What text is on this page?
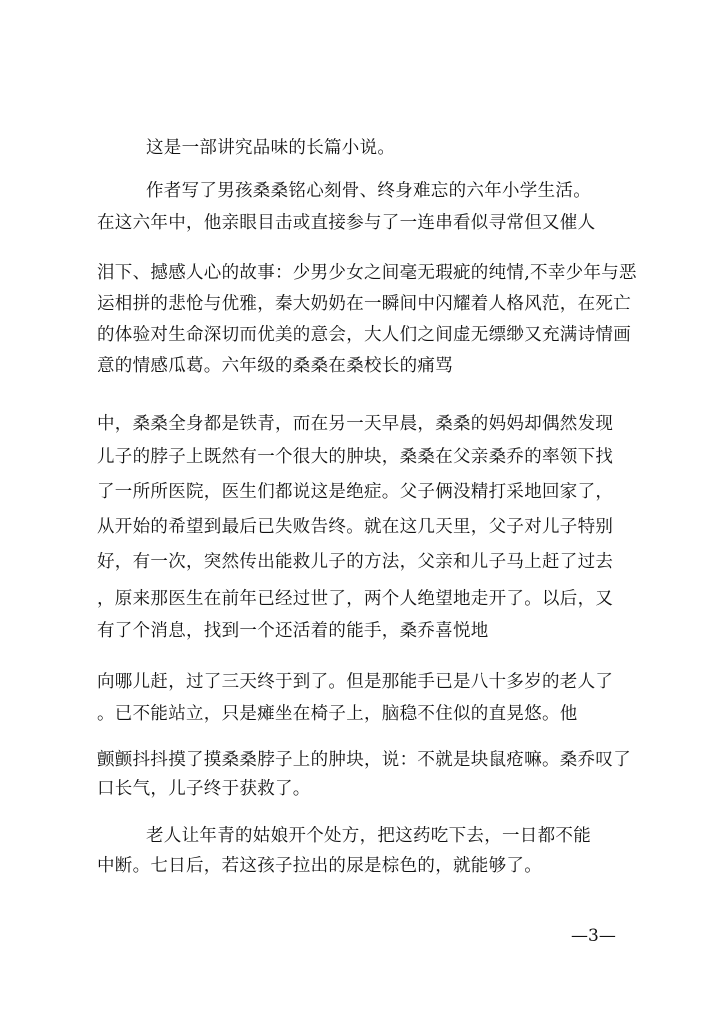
这是一部讲究品味的长篇小说。
作者写了男孩桑桑铭心刻骨、终身难忘的六年小学生活。
在这六年中，他亲眼目击或直接参与了一连串看似寻常但又催人
泪下、撼感人心的故事：少男少女之间毫无瑕疵的纯情,不幸少年与恶
运相拼的悲怆与优雅，秦大奶奶在一瞬间中闪耀着人格风范，在死亡
的体验对生命深切而优美的意会，大人们之间虚无缥缈又充满诗情画
意的情感瓜葛。六年级的桑桑在桑校长的痛骂
中，桑桑全身都是铁青，而在另一天早晨，桑桑的妈妈却偶然发现
儿子的脖子上既然有一个很大的肿块，桑桑在父亲桑乔的率领下找
了一所所医院，医生们都说这是绝症。父子俩没精打采地回家了，
从开始的希望到最后已失败告终。就在这几天里，父子对儿子特别
好，有一次，突然传出能救儿子的方法，父亲和儿子马上赶了过去
，原来那医生在前年已经过世了，两个人绝望地走开了。以后，又
有了个消息，找到一个还活着的能手，桑乔喜悦地
向哪儿赶，过了三天终于到了。但是那能手已是八十多岁的老人了
。已不能站立，只是瘫坐在椅子上，脑稳不住似的直晃悠。他
颤颤抖抖摸了摸桑桑脖子上的肿块，说：不就是块鼠疮嘛。桑乔叹了
口长气，儿子终于获救了。
老人让年青的姑娘开个处方，把这药吃下去，一日都不能
中断。七日后，若这孩子拉出的尿是棕色的，就能够了。
—3—
